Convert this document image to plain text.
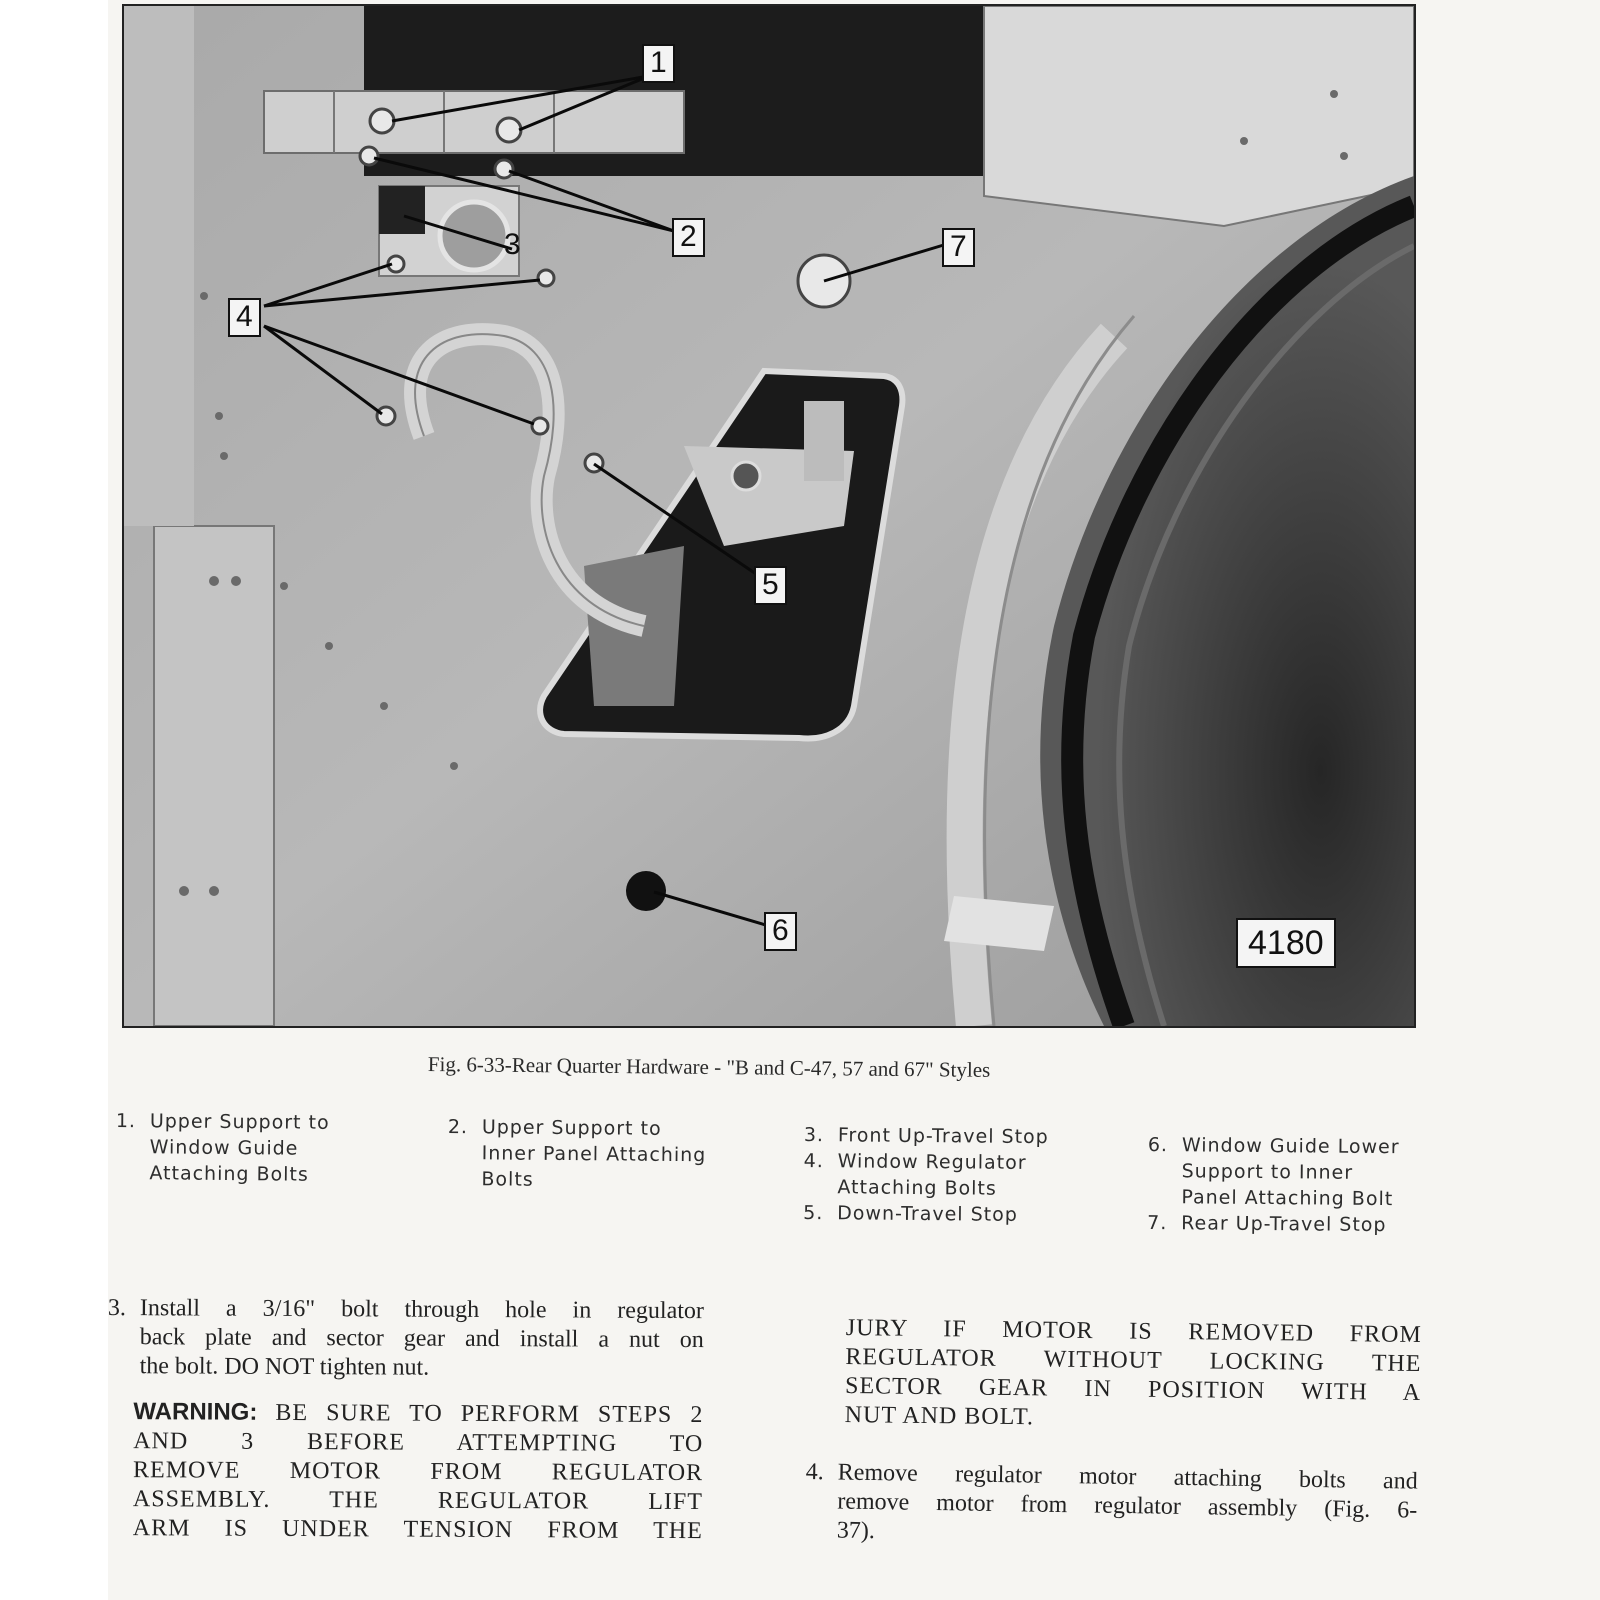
1
2
3
4
5
6
7
4180
Fig. 6-33-Rear Quarter Hardware - "B and C-47, 57 and 67" Styles
1. Upper Support to
Window Guide
Attaching Bolts
2. Upper Support to
Inner Panel Attaching
Bolts
3. Front Up-Travel Stop
4. Window Regulator
Attaching Bolts
5. Down-Travel Stop
6. Window Guide Lower
Support to Inner
Panel Attaching Bolt
7. Rear Up-Travel Stop
3. Install a 3/16" bolt through hole in regulator
back plate and sector gear and install a nut on
the bolt. DO NOT tighten nut.
WARNING: BE SURE TO PERFORM STEPS 2
AND 3 BEFORE ATTEMPTING TO
REMOVE MOTOR FROM REGULATOR
ASSEMBLY. THE REGULATOR LIFT
ARM IS UNDER TENSION FROM THE
JURY IF MOTOR IS REMOVED FROM
REGULATOR WITHOUT LOCKING THE
SECTOR GEAR IN POSITION WITH A
NUT AND BOLT.
4. Remove regulator motor attaching bolts and
remove motor from regulator assembly (Fig. 6-
37).
